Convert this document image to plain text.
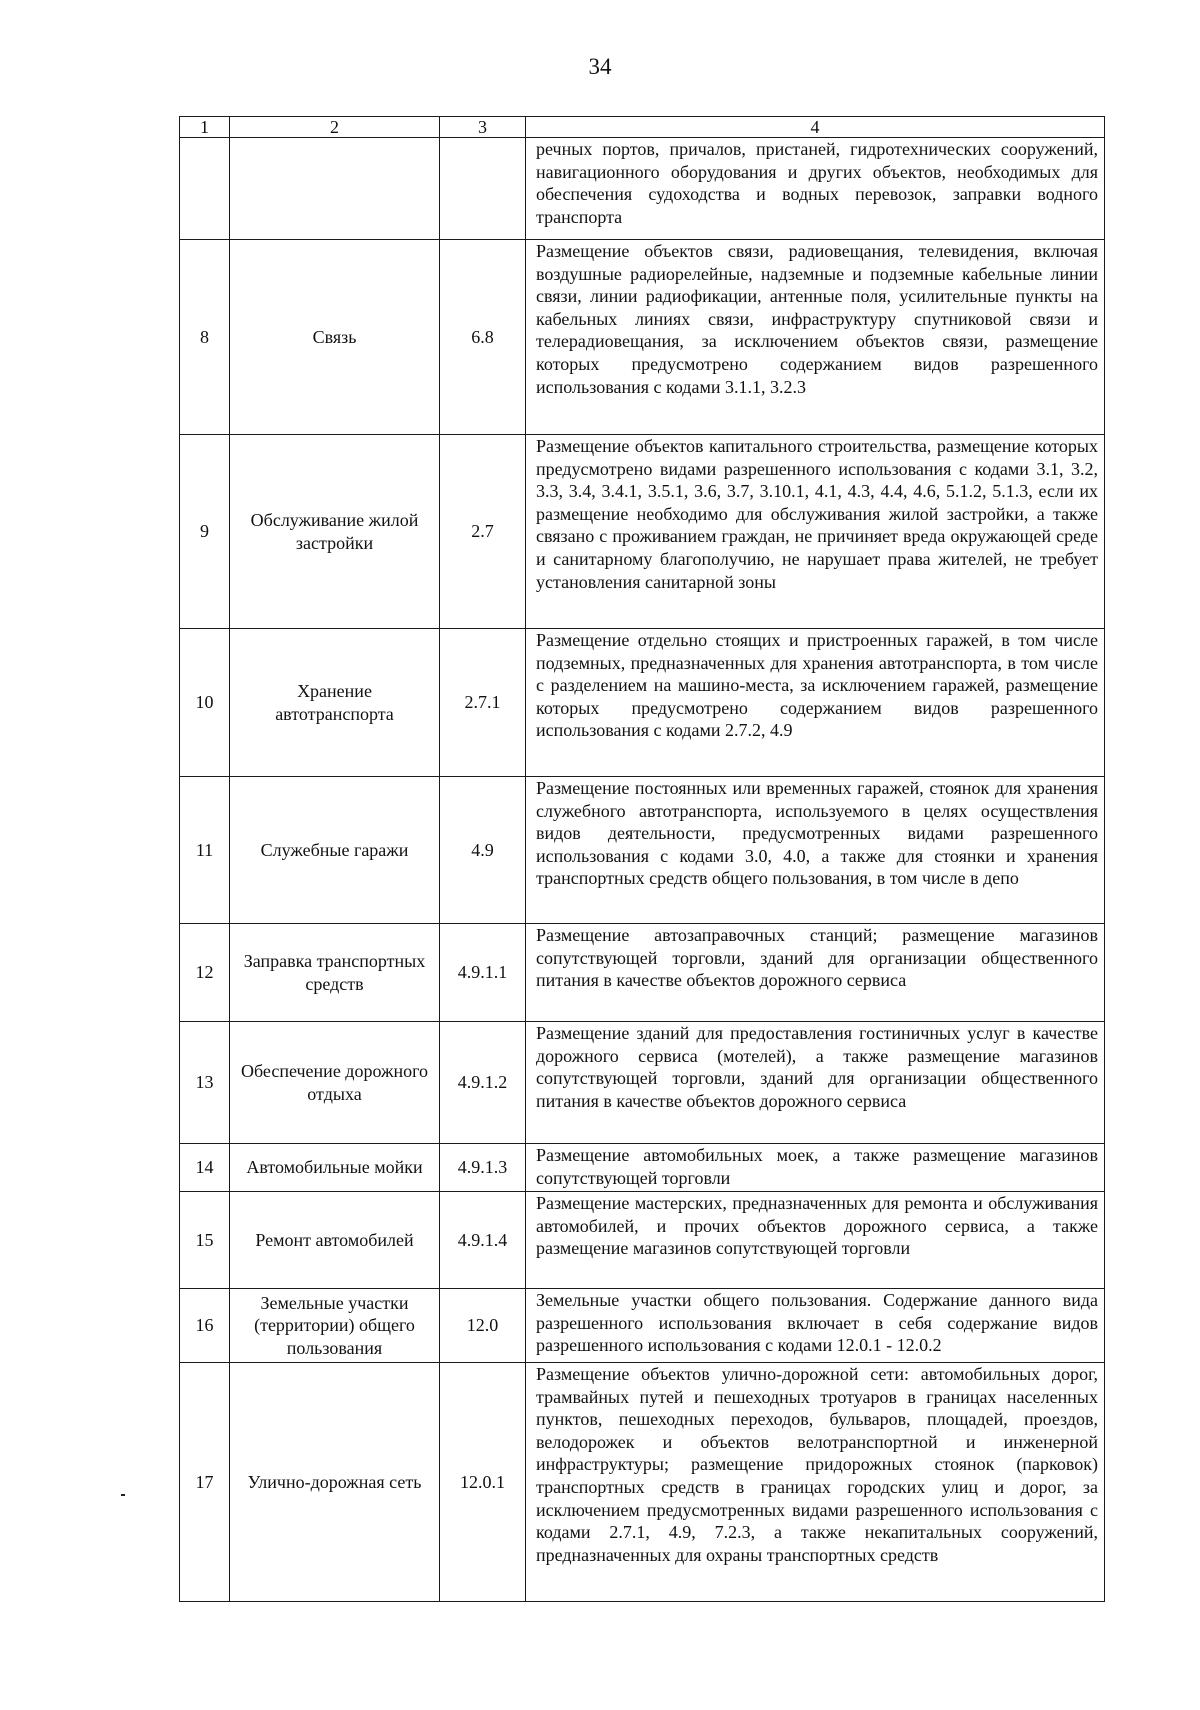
34
1	2	3	4
			речных портов, причалов, пристаней, гидротехнических сооружений, навигационного оборудования и других объектов, необходимых для обеспечения судоходства и водных перевозок, заправки водного транспорта
8	Связь	6.8	Размещение объектов связи, радиовещания, телевидения, включая воздушные радиорелейные, надземные и подземные кабельные линии связи, линии радиофикации, антенные поля, усилительные пункты на кабельных линиях связи, инфраструктуру спутниковой связи и телерадиовещания, за исключением объектов связи, размещение которых предусмотрено содержанием видов разрешенного использования с кодами 3.1.1, 3.2.3
9	Обслуживание жилой застройки	2.7	Размещение объектов капитального строительства, размещение которых предусмотрено видами разрешенного использования с кодами 3.1, 3.2, 3.3, 3.4, 3.4.1, 3.5.1, 3.6, 3.7, 3.10.1, 4.1, 4.3, 4.4, 4.6, 5.1.2, 5.1.3, если их размещение необходимо для обслуживания жилой застройки, а также связано с проживанием граждан, не причиняет вреда окружающей среде и санитарному благополучию, не нарушает права жителей, не требует установления санитарной зоны
10	Хранение автотранспорта	2.7.1	Размещение отдельно стоящих и пристроенных гаражей, в том числе подземных, предназначенных для хранения автотранспорта, в том числе с разделением на машино-места, за исключением гаражей, размещение которых предусмотрено содержанием видов разрешенного использования с кодами 2.7.2, 4.9
11	Служебные гаражи	4.9	Размещение постоянных или временных гаражей, стоянок для хранения служебного автотранспорта, используемого в целях осуществления видов деятельности, предусмотренных видами разрешенного использования с кодами 3.0, 4.0, а также для стоянки и хранения транспортных средств общего пользования, в том числе в депо
12	Заправка транспортных средств	4.9.1.1	Размещение автозаправочных станций; размещение магазинов сопутствующей торговли, зданий для организации общественного питания в качестве объектов дорожного сервиса
13	Обеспечение дорожного отдыха	4.9.1.2	Размещение зданий для предоставления гостиничных услуг в качестве дорожного сервиса (мотелей), а также размещение магазинов сопутствующей торговли, зданий для организации общественного питания в качестве объектов дорожного сервиса
14	Автомобильные мойки	4.9.1.3	Размещение автомобильных моек, а также размещение магазинов сопутствующей торговли
15	Ремонт автомобилей	4.9.1.4	Размещение мастерских, предназначенных для ремонта и обслуживания автомобилей, и прочих объектов дорожного сервиса, а также размещение магазинов сопутствующей торговли
16	Земельные участки (территории) общего пользования	12.0	Земельные участки общего пользования. Содержание данного вида разрешенного использования включает в себя содержание видов разрешенного использования с кодами 12.0.1 - 12.0.2
17	Улично-дорожная сеть	12.0.1	Размещение объектов улично-дорожной сети: автомобильных дорог, трамвайных путей и пешеходных тротуаров в границах населенных пунктов, пешеходных переходов, бульваров, площадей, проездов, велодорожек и объектов велотранспортной и инженерной инфраструктуры; размещение придорожных стоянок (парковок) транспортных средств в границах городских улиц и дорог, за исключением предусмотренных видами разрешенного использования с кодами 2.7.1, 4.9, 7.2.3, а также некапитальных сооружений, предназначенных для охраны транспортных средств
